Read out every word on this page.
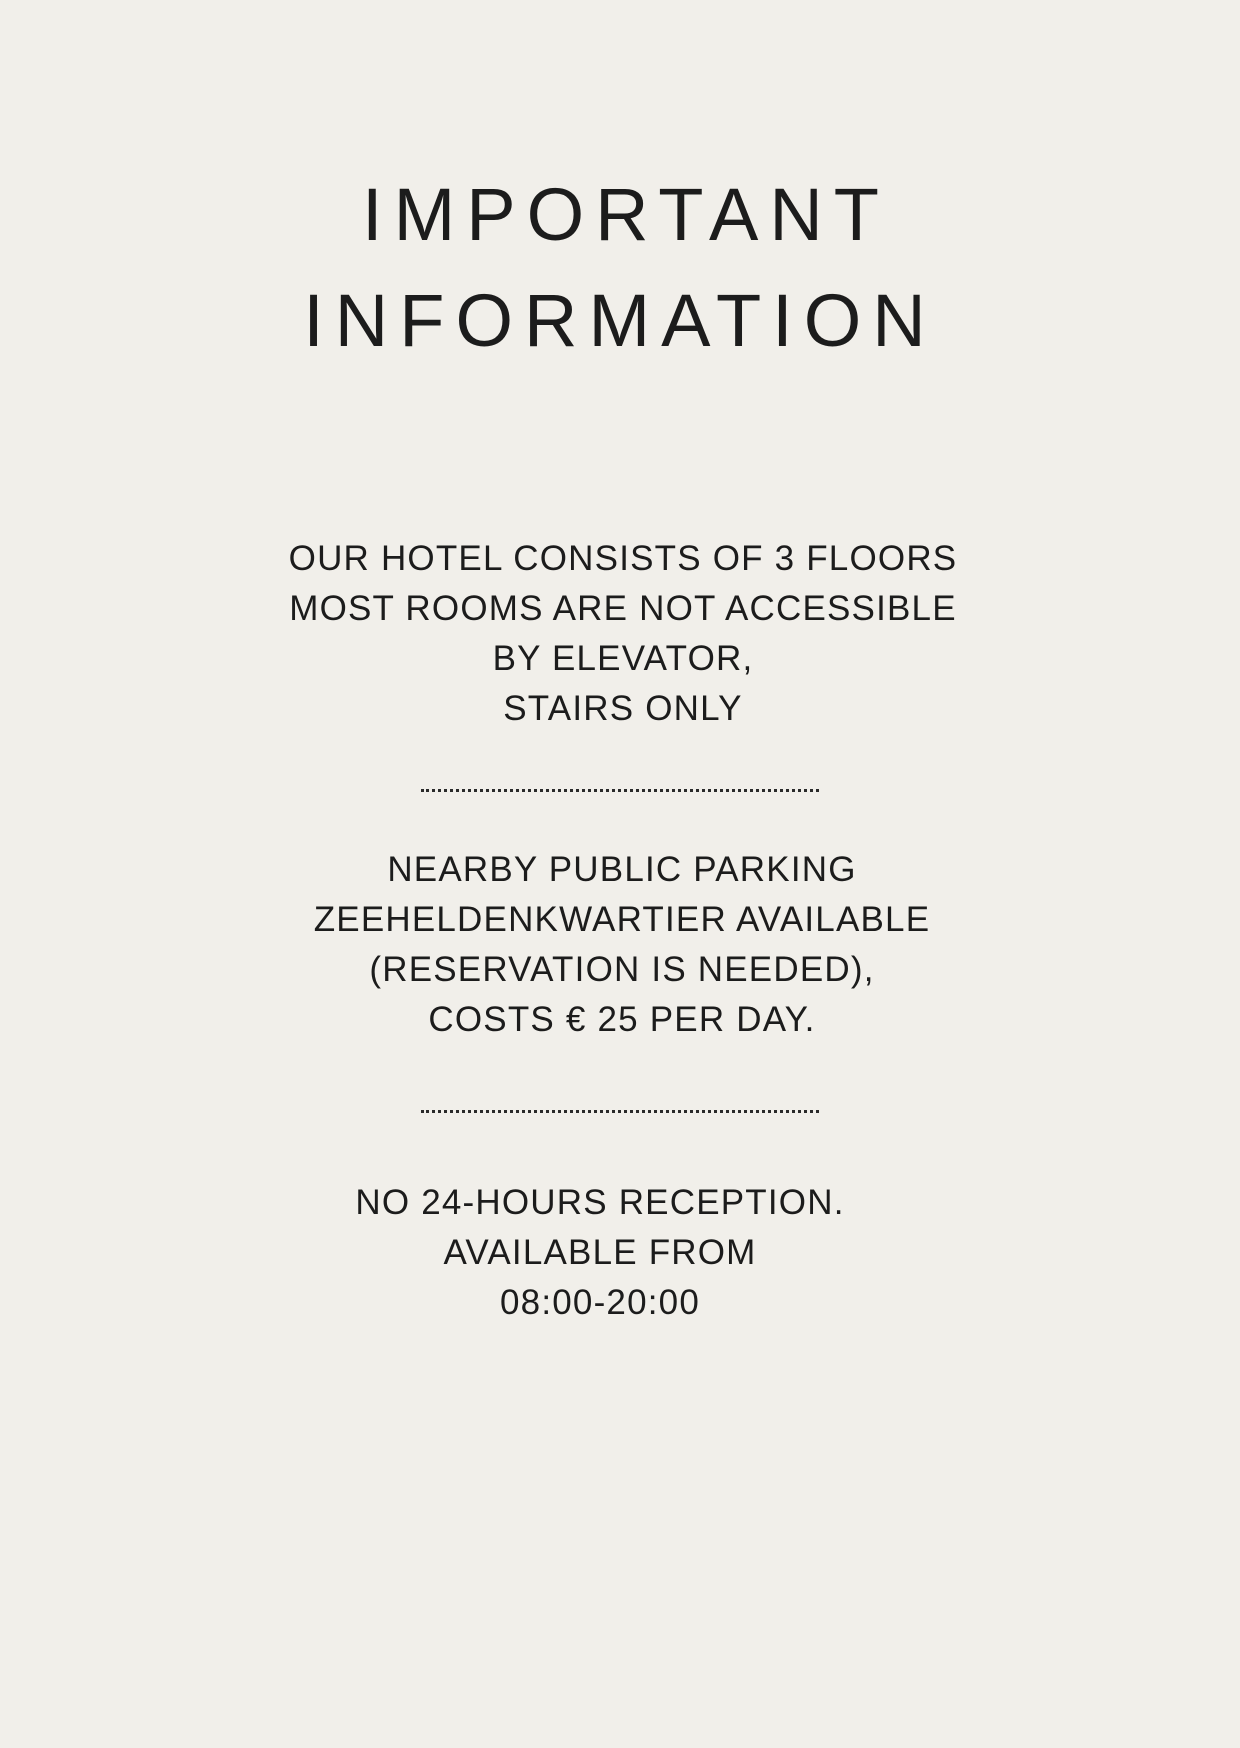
IMPORTANT
INFORMATION
OUR HOTEL CONSISTS OF 3 FLOORS
MOST ROOMS ARE NOT ACCESSIBLE
BY ELEVATOR,
STAIRS ONLY
NEARBY PUBLIC PARKING
ZEEHELDENKWARTIER AVAILABLE
(RESERVATION IS NEEDED),
COSTS € 25 PER DAY.
NO 24-HOURS RECEPTION.
AVAILABLE FROM
08:00-20:00
